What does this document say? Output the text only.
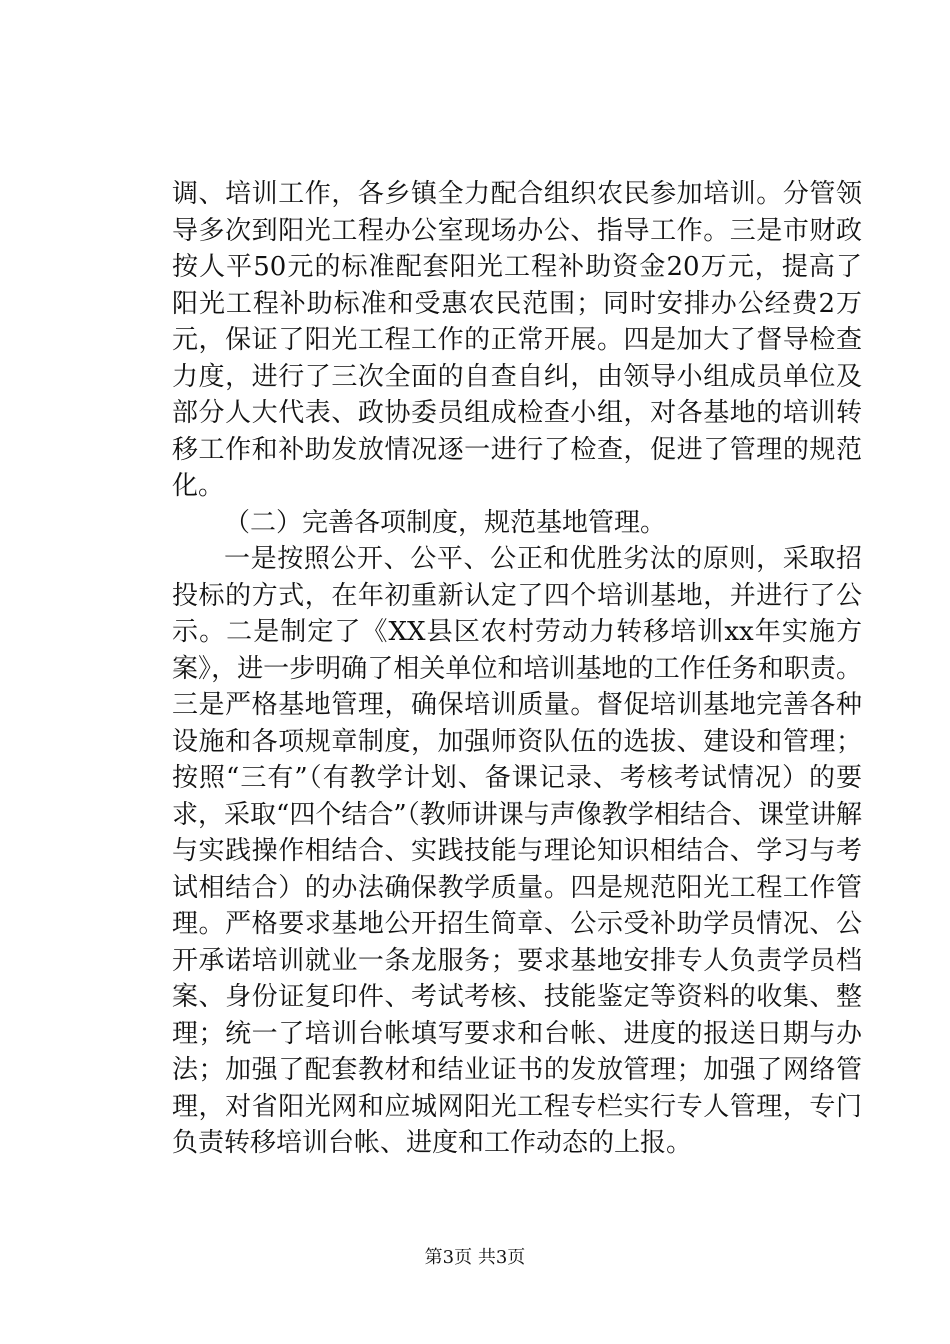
调、培训工作，各乡镇全力配合组织农民参加培训。分管领导多次到阳光工程办公室现场办公、指导工作。三是市财政按人平50元的标准配套阳光工程补助资金20万元，提高了阳光工程补助标准和受惠农民范围；同时安排办公经费2万元，保证了阳光工程工作的正常开展。四是加大了督导检查力度，进行了三次全面的自查自纠，由领导小组成员单位及部分人大代表、政协委员组成检查小组，对各基地的培训转移工作和补助发放情况逐一进行了检查，促进了管理的规范化。

（二）完善各项制度，规范基地管理。

一是按照公开、公平、公正和优胜劣汰的原则，采取招投标的方式，在年初重新认定了四个培训基地，并进行了公示。二是制定了《XX县区农村劳动力转移培训xx年实施方案》，进一步明确了相关单位和培训基地的工作任务和职责。三是严格基地管理，确保培训质量。督促培训基地完善各种设施和各项规章制度，加强师资队伍的选拔、建设和管理；按照“三有”（有教学计划、备课记录、考核考试情况）的要求，采取“四个结合”（教师讲课与声像教学相结合、课堂讲解与实践操作相结合、实践技能与理论知识相结合、学习与考试相结合）的办法确保教学质量。四是规范阳光工程工作管理。严格要求基地公开招生简章、公示受补助学员情况、公开承诺培训就业一条龙服务；要求基地安排专人负责学员档案、身份证复印件、考试考核、技能鉴定等资料的收集、整理；统一了培训台帐填写要求和台帐、进度的报送日期与办法；加强了配套教材和结业证书的发放管理；加强了网络管理，对省阳光网和应城网阳光工程专栏实行专人管理，专门负责转移培训台帐、进度和工作动态的上报。

第3页 共3页
